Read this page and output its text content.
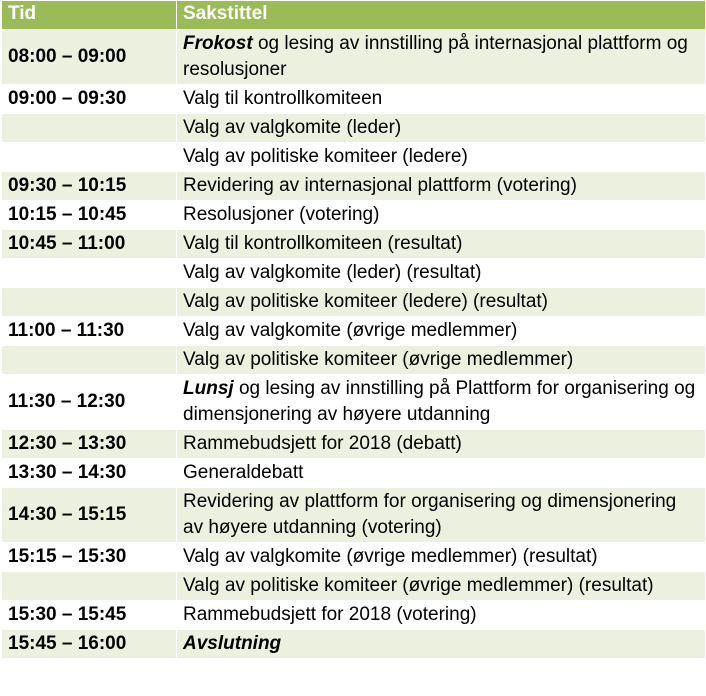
Tid	Sakstittel
08:00 – 09:00	Frokost og lesing av innstilling på internasjonal plattform og resolusjoner
09:00 – 09:30	Valg til kontrollkomiteen
	Valg av valgkomite (leder)
	Valg av politiske komiteer (ledere)
09:30 – 10:15	Revidering av internasjonal plattform (votering)
10:15 – 10:45	Resolusjoner (votering)
10:45 – 11:00	Valg til kontrollkomiteen (resultat)
	Valg av valgkomite (leder) (resultat)
	Valg av politiske komiteer (ledere) (resultat)
11:00 – 11:30	Valg av valgkomite (øvrige medlemmer)
	Valg av politiske komiteer (øvrige medlemmer)
11:30 – 12:30	Lunsj og lesing av innstilling på Plattform for organisering og dimensjonering av høyere utdanning
12:30 – 13:30	Rammebudsjett for 2018 (debatt)
13:30 – 14:30	Generaldebatt
14:30 – 15:15	Revidering av plattform for organisering og dimensjonering av høyere utdanning (votering)
15:15 – 15:30	Valg av valgkomite (øvrige medlemmer) (resultat)
	Valg av politiske komiteer (øvrige medlemmer) (resultat)
15:30 – 15:45	Rammebudsjett for 2018 (votering)
15:45 – 16:00	Avslutning
